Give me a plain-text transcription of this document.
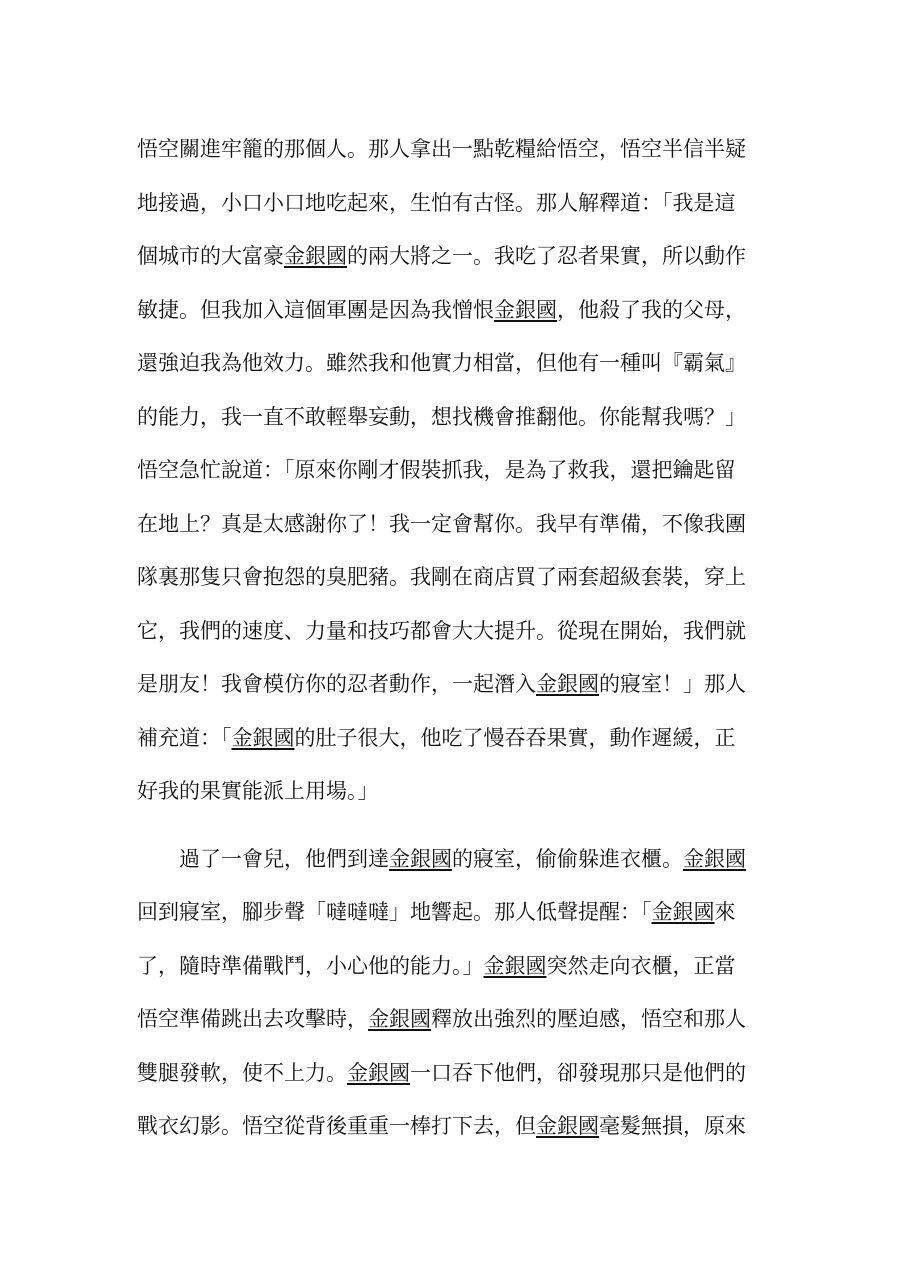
悟空關進牢籠的那個人。那人拿出一點乾糧給悟空，悟空半信半疑
地接過，小口小口地吃起來，生怕有古怪。那人解釋道：「我是這
個城市的大富豪金銀國的兩大將之一。我吃了忍者果實，所以動作
敏捷。但我加入這個軍團是因為我憎恨金銀國，他殺了我的父母，
還強迫我為他效力。雖然我和他實力相當，但他有一種叫『霸氣』
的能力，我一直不敢輕舉妄動，想找機會推翻他。你能幫我嗎？」
悟空急忙說道：「原來你剛才假裝抓我，是為了救我，還把鑰匙留
在地上？真是太感謝你了！我一定會幫你。我早有準備，不像我團
隊裏那隻只會抱怨的臭肥豬。我剛在商店買了兩套超級套裝，穿上
它，我們的速度、力量和技巧都會大大提升。從現在開始，我們就
是朋友！我會模仿你的忍者動作，一起潛入金銀國的寢室！」那人
補充道：「金銀國的肚子很大，他吃了慢吞吞果實，動作遲緩，正
好我的果實能派上用場。」
過了一會兒，他們到達金銀國的寢室，偷偷躲進衣櫃。金銀國
回到寢室，腳步聲「噠噠噠」地響起。那人低聲提醒：「金銀國來
了，隨時準備戰鬥，小心他的能力。」金銀國突然走向衣櫃，正當
悟空準備跳出去攻擊時，金銀國釋放出強烈的壓迫感，悟空和那人
雙腿發軟，使不上力。金銀國一口吞下他們，卻發現那只是他們的
戰衣幻影。悟空從背後重重一棒打下去，但金銀國毫髮無損，原來
